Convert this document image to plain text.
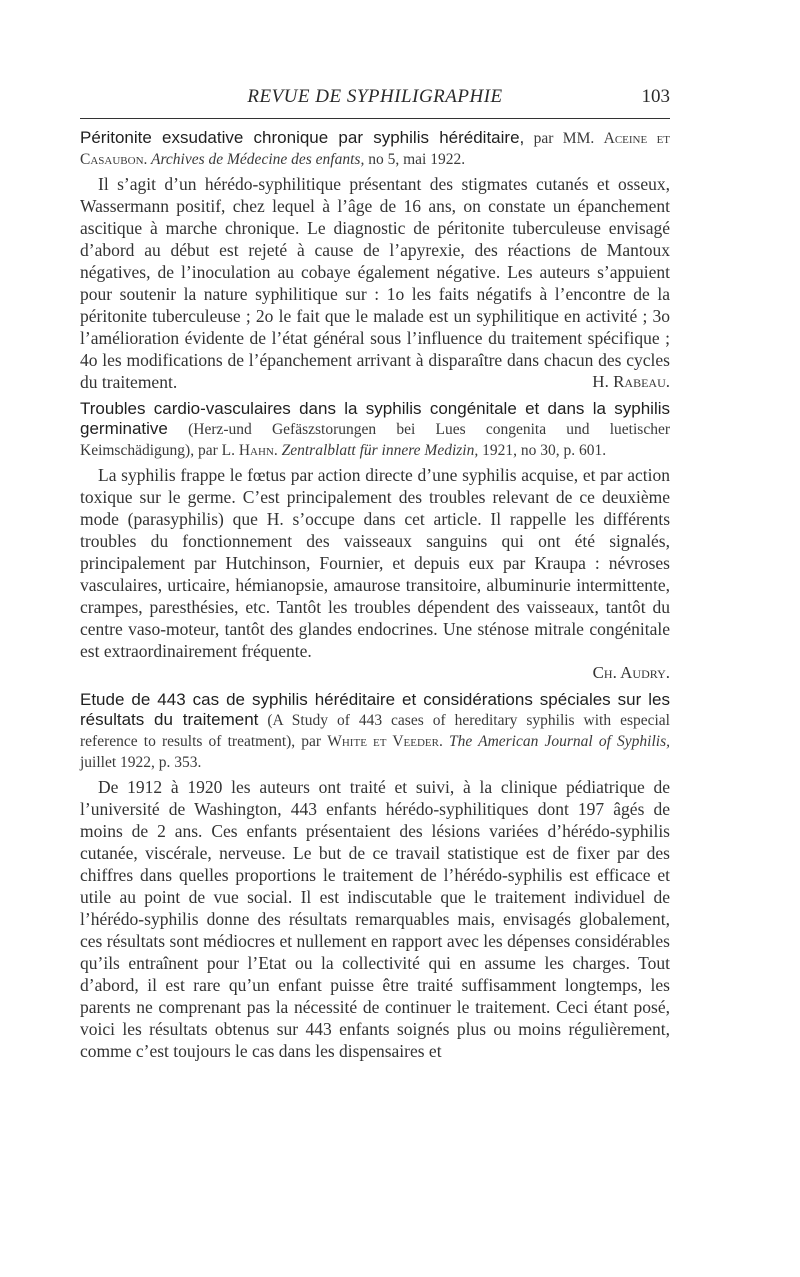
REVUE DE SYPHILIGRAPHIE	103

Péritonite exsudative chronique par syphilis héréditaire, par MM. Aceine et Casaubon. Archives de Médecine des enfants, no 5, mai 1922.

Il s’agit d’un hérédo-syphilitique présentant des stigmates cutanés et osseux, Wassermann positif, chez lequel à l’âge de 16 ans, on constate un épanchement ascitique à marche chronique. Le diagnostic de péritonite tuberculeuse envisagé d’abord au début est rejeté à cause de l’apyrexie, des réactions de Mantoux négatives, de l’inoculation au cobaye également négative. Les auteurs s’appuient pour soutenir la nature syphilitique sur : 1o les faits négatifs à l’encontre de la péritonite tuberculeuse ; 2o le fait que le malade est un syphilitique en activité ; 3o l’amélioration évidente de l’état général sous l’influence du traitement spécifique ; 4o les modifications de l’épanchement arrivant à disparaître dans chacun des cycles du traitement.	H. Rabeau.

Troubles cardio-vasculaires dans la syphilis congénitale et dans la syphilis germinative (Herz-und Gefäszstorungen bei Lues congenita und luetischer Keimschädigung), par L. Hahn. Zentralblatt für innere Medizin, 1921, no 30, p. 601.

La syphilis frappe le fœtus par action directe d’une syphilis acquise, et par action toxique sur le germe. C’est principalement des troubles relevant de ce deuxième mode (parasyphilis) que H. s’occupe dans cet article. Il rappelle les différents troubles du fonctionnement des vaisseaux sanguins qui ont été signalés, principalement par Hutchinson, Fournier, et depuis eux par Kraupa : névroses vasculaires, urticaire, hémianopsie, amaurose transitoire, albuminurie intermittente, crampes, paresthésies, etc. Tantôt les troubles dépendent des vaisseaux, tantôt du centre vaso-moteur, tantôt des glandes endocrines. Une sténose mitrale congénitale est extraordinairement fréquente.

Ch. Audry.

Etude de 443 cas de syphilis héréditaire et considérations spéciales sur les résultats du traitement (A Study of 443 cases of hereditary syphilis with especial reference to results of treatment), par White et Veeder. The American Journal of Syphilis, juillet 1922, p. 353.

De 1912 à 1920 les auteurs ont traité et suivi, à la clinique pédiatrique de l’université de Washington, 443 enfants hérédo-syphilitiques dont 197 âgés de moins de 2 ans. Ces enfants présentaient des lésions variées d’hérédo-syphilis cutanée, viscérale, nerveuse. Le but de ce travail statistique est de fixer par des chiffres dans quelles proportions le traitement de l’hérédo-syphilis est efficace et utile au point de vue social. Il est indiscutable que le traitement individuel de l’hérédo-syphilis donne des résultats remarquables mais, envisagés globalement, ces résultats sont médiocres et nullement en rapport avec les dépenses considérables qu’ils entraînent pour l’Etat ou la collectivité qui en assume les charges. Tout d’abord, il est rare qu’un enfant puisse être traité suffisamment longtemps, les parents ne comprenant pas la nécessité de continuer le traitement. Ceci étant posé, voici les résultats obtenus sur 443 enfants soignés plus ou moins régulièrement, comme c’est toujours le cas dans les dispensaires et
